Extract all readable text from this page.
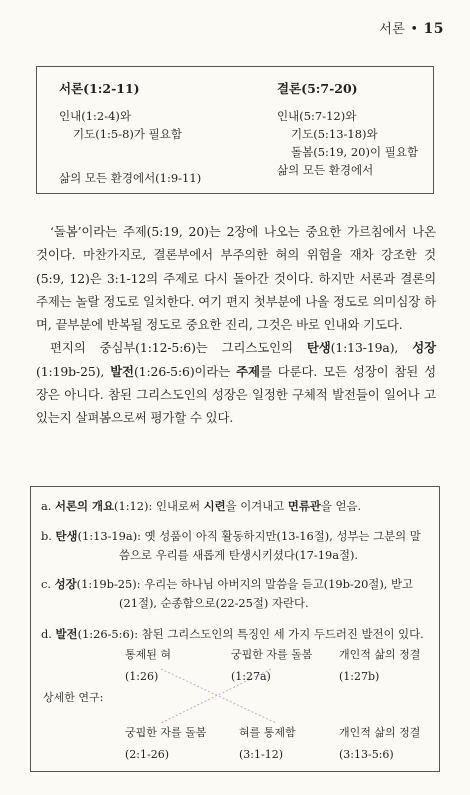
서론 • 15
서론(1:2-11)
인내(1:2-4)와
기도(1:5-8)가 필요함
삶의 모든 환경에서(1:9-11)
결론(5:7-20)
인내(5:7-12)와
기도(5:13-18)와
돌봄(5:19, 20)이 필요함
삶의 모든 환경에서

‘돌봄’이라는 주제(5:19, 20)는 2장에 나오는 중요한 가르침에서 나온 것이다. 마찬가지로, 결론부에서 부주의한 혀의 위험을 재차 강조한 것 (5:9, 12)은 3:1-12의 주제로 다시 돌아간 것이다. 하지만 서론과 결론의 주제는 놀랄 정도로 일치한다. 여기 편지 첫부분에 나올 정도로 의미심장 하며, 끝부분에 반복될 정도로 중요한 진리, 그것은 바로 인내와 기도다.

편지의 중심부(1:12-5:6)는 그리스도인의 탄생(1:13-19a), 성장 (1:19b-25), 발전(1:26-5:6)이라는 주제를 다룬다. 모든 성장이 참된 성 장은 아니다. 참된 그리스도인의 성장은 일정한 구체적 발전들이 일어나 고 있는지 살펴봄으로써 평가할 수 있다.

a. 서론의 개요(1:12): 인내로써 시련을 이겨내고 면류관을 얻음.
b. 탄생(1:13-19a): 옛 성품이 아직 활동하지만(13-16절), 성부는 그분의 말
씀으로 우리를 새롭게 탄생시키셨다(17-19a절).
c. 성장(1:19b-25): 우리는 하나님 아버지의 말씀을 듣고(19b-20절), 받고
(21절), 순종함으로(22-25절) 자란다.
d. 발전(1:26-5:6): 참된 그리스도인의 특징인 세 가지 두드러진 발전이 있다.
통제된 혀
(1:26)
궁핍한 자를 돌봄
(1:27a)
개인적 삶의 정결
(1:27b)
상세한 연구:
궁핍한 자를 돌봄
(2:1-26)
혀를 통제함
(3:1-12)
개인적 삶의 정결
(3:13-5:6)
